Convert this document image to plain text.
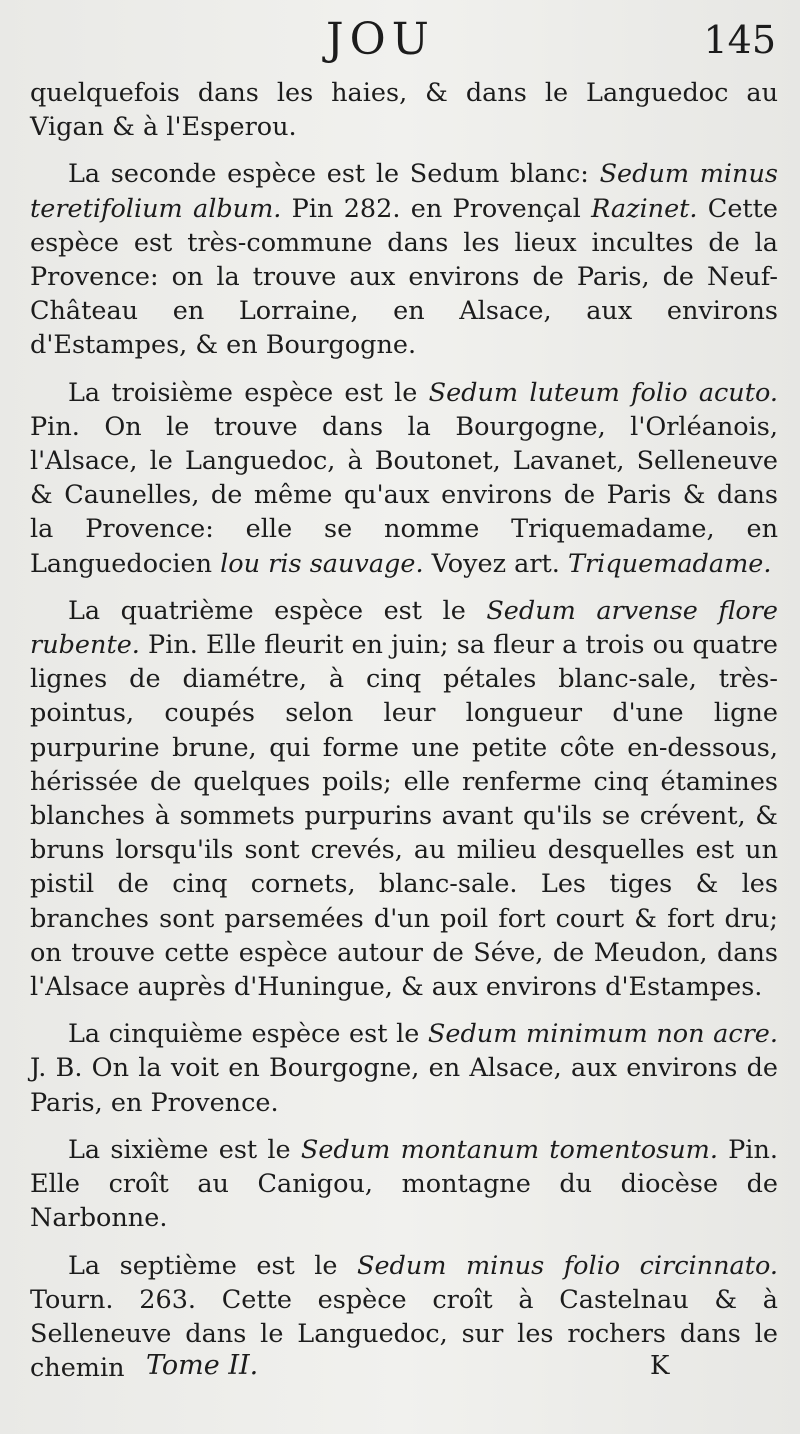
JOU	145

quelquefois dans les haies, & dans le Languedoc au Vigan & à l'Esperou.

La seconde espèce est le Sedum blanc: Sedum minus teretifolium album. Pin 282. en Provençal Razinet. Cette espèce est très-commune dans les lieux incultes de la Provence: on la trouve aux environs de Paris, de Neuf-Château en Lorraine, en Alsace, aux environs d'Estampes, & en Bourgogne.

La troisième espèce est le Sedum luteum folio acuto. Pin. On le trouve dans la Bourgogne, l'Orléanois, l'Alsace, le Languedoc, à Boutonet, Lavanet, Selleneuve & Caunelles, de même qu'aux environs de Paris & dans la Provence: elle se nomme Triquemadame, en Languedocien lou ris sauvage. Voyez art. Triquemadame.

La quatrième espèce est le Sedum arvense flore rubente. Pin. Elle fleurit en juin; sa fleur a trois ou quatre lignes de diamétre, à cinq pétales blanc-sale, très-pointus, coupés selon leur longueur d'une ligne purpurine brune, qui forme une petite côte en-dessous, hérissée de quelques poils; elle renferme cinq étamines blanches à sommets purpurins avant qu'ils se crévent, & bruns lorsqu'ils sont crevés, au milieu desquelles est un pistil de cinq cornets, blanc-sale. Les tiges & les branches sont parsemées d'un poil fort court & fort dru; on trouve cette espèce autour de Séve, de Meudon, dans l'Alsace auprès d'Huningue, & aux environs d'Estampes.

La cinquième espèce est le Sedum minimum non acre. J. B. On la voit en Bourgogne, en Alsace, aux environs de Paris, en Provence.

La sixième est le Sedum montanum tomentosum. Pin. Elle croît au Canigou, montagne du diocèse de Narbonne.

La septième est le Sedum minus folio circinnato. Tourn. 263. Cette espèce croît à Castelnau & à Selleneuve dans le Languedoc, sur les rochers dans le chemin Tome II.	K
